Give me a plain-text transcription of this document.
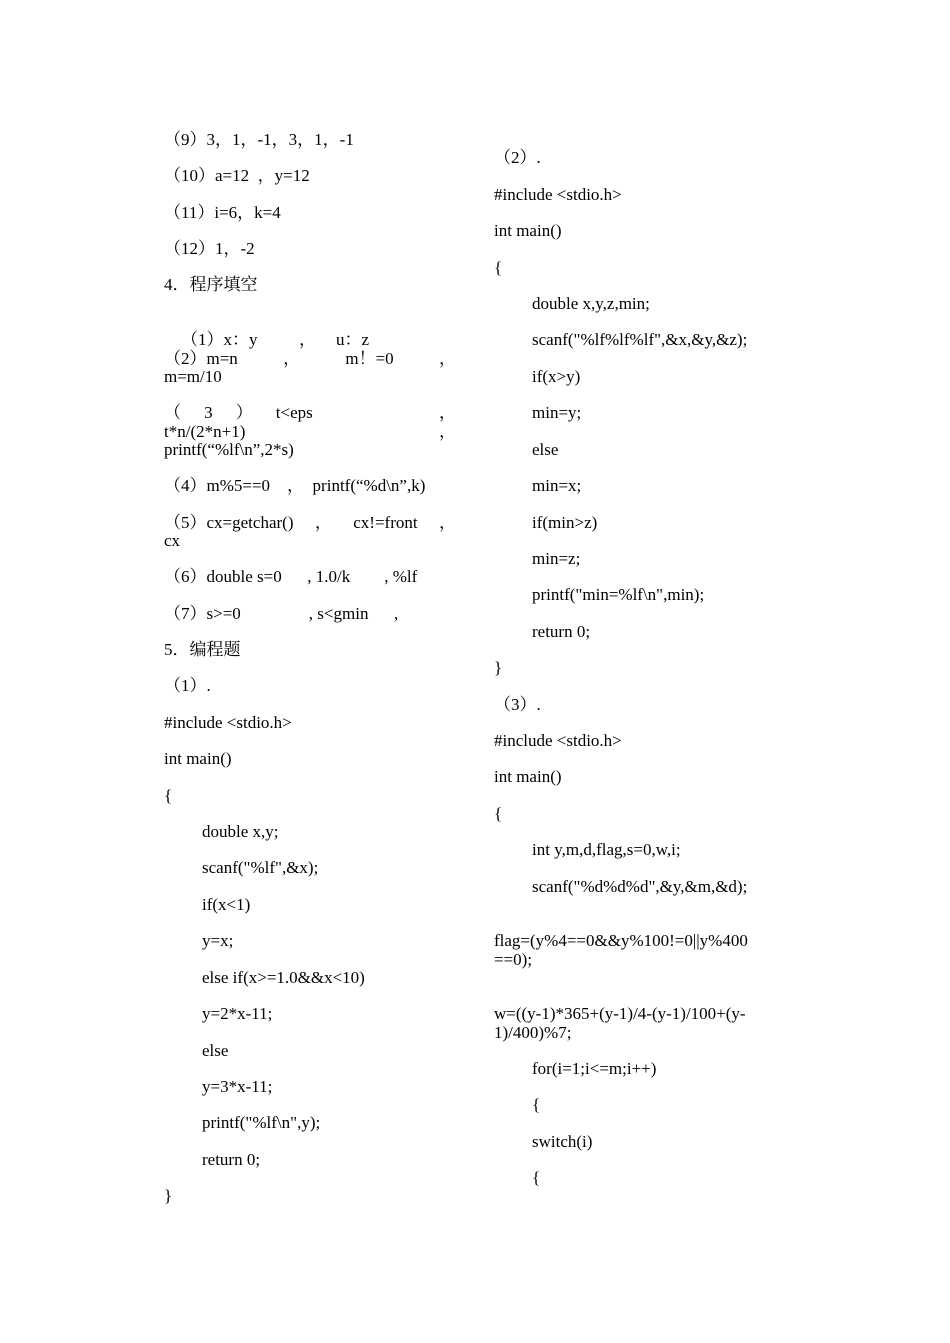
（9）3，1，-1，3，1，-1
（10）a=12  ，y=12
（11）i=6，k=4
（12）1，-2
4．程序填空

（1）x：y ， u：z

（2）m=n	，	m！=0	，
m=m/10
（ 3 ） t<eps	，
t*n/(2*n+1)	，
printf(“%lf\n”,2*s)
（4）m%5==0    ，  printf(“%d\n”,k)
（5）cx=getchar() ， cx!=front ，
cx
（6）double s=0      , 1.0/k        , %lf
（7）s>=0                , s<gmin      ,
5．编程题
（1）.
#include <stdio.h>
int main()
{
double x,y;
scanf("%lf",&x);
if(x<1)
y=x;
else if(x>=1.0&&x<10)
y=2*x-11;
else
y=3*x-11;
printf("%lf\n",y);
return 0;
}
（2）.
#include <stdio.h>
int main()
{
double x,y,z,min;
scanf("%lf%lf%lf",&x,&y,&z);
if(x>y)
min=y;
else
min=x;
if(min>z)
min=z;
printf("min=%lf\n",min);
return 0;
}
（3）.
#include <stdio.h>
int main()
{
int y,m,d,flag,s=0,w,i;
scanf("%d%d%d",&y,&m,&d);
flag=(y%4==0&&y%100!=0||y%400
==0);
w=((y-1)*365+(y-1)/4-(y-1)/100+(y-
1)/400)%7;
for(i=1;i<=m;i++)
{
switch(i)
{
